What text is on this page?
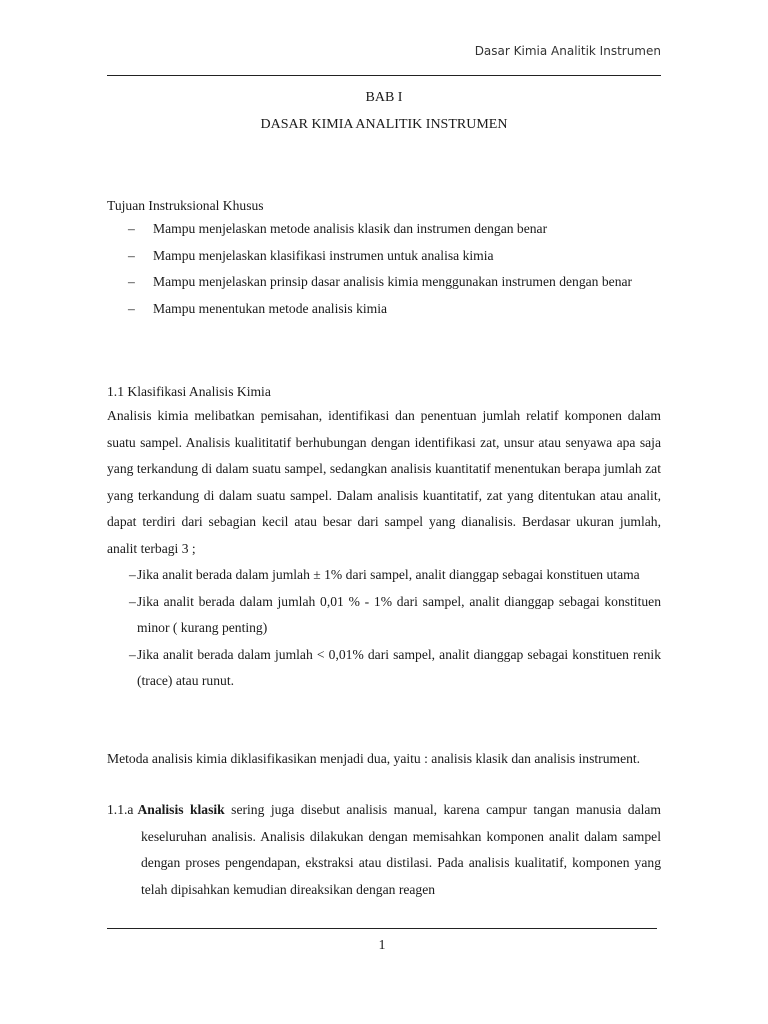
Dasar Kimia Analitik Instrumen
BAB I
DASAR KIMIA ANALITIK INSTRUMEN
Tujuan Instruksional Khusus
– Mampu menjelaskan metode analisis klasik dan instrumen dengan benar
– Mampu menjelaskan klasifikasi instrumen untuk analisa kimia
– Mampu menjelaskan prinsip dasar analisis kimia menggunakan instrumen dengan benar
– Mampu menentukan metode analisis kimia
1.1 Klasifikasi Analisis Kimia
Analisis kimia melibatkan pemisahan, identifikasi dan penentuan jumlah relatif komponen dalam suatu sampel. Analisis kualititatif berhubungan dengan identifikasi zat, unsur atau senyawa apa saja yang terkandung di dalam suatu sampel, sedangkan analisis kuantitatif menentukan berapa jumlah zat yang terkandung di dalam suatu sampel. Dalam analisis kuantitatif, zat yang ditentukan atau analit, dapat terdiri dari sebagian kecil atau besar dari sampel yang dianalisis. Berdasar ukuran jumlah, analit terbagi 3 ;
– Jika analit berada dalam jumlah ± 1% dari sampel, analit dianggap sebagai konstituen utama
– Jika analit berada dalam jumlah 0,01 % - 1% dari sampel, analit dianggap sebagai konstituen minor ( kurang penting)
– Jika analit berada dalam jumlah < 0,01% dari sampel, analit dianggap sebagai konstituen renik (trace) atau runut.
Metoda analisis kimia diklasifikasikan menjadi dua, yaitu : analisis klasik dan analisis instrument.
1.1.a Analisis klasik sering juga disebut analisis manual, karena campur tangan manusia dalam keseluruhan analisis. Analisis dilakukan dengan memisahkan komponen analit dalam sampel dengan proses pengendapan, ekstraksi atau distilasi. Pada analisis kualitatif, komponen yang telah dipisahkan kemudian direaksikan dengan reagen
1
